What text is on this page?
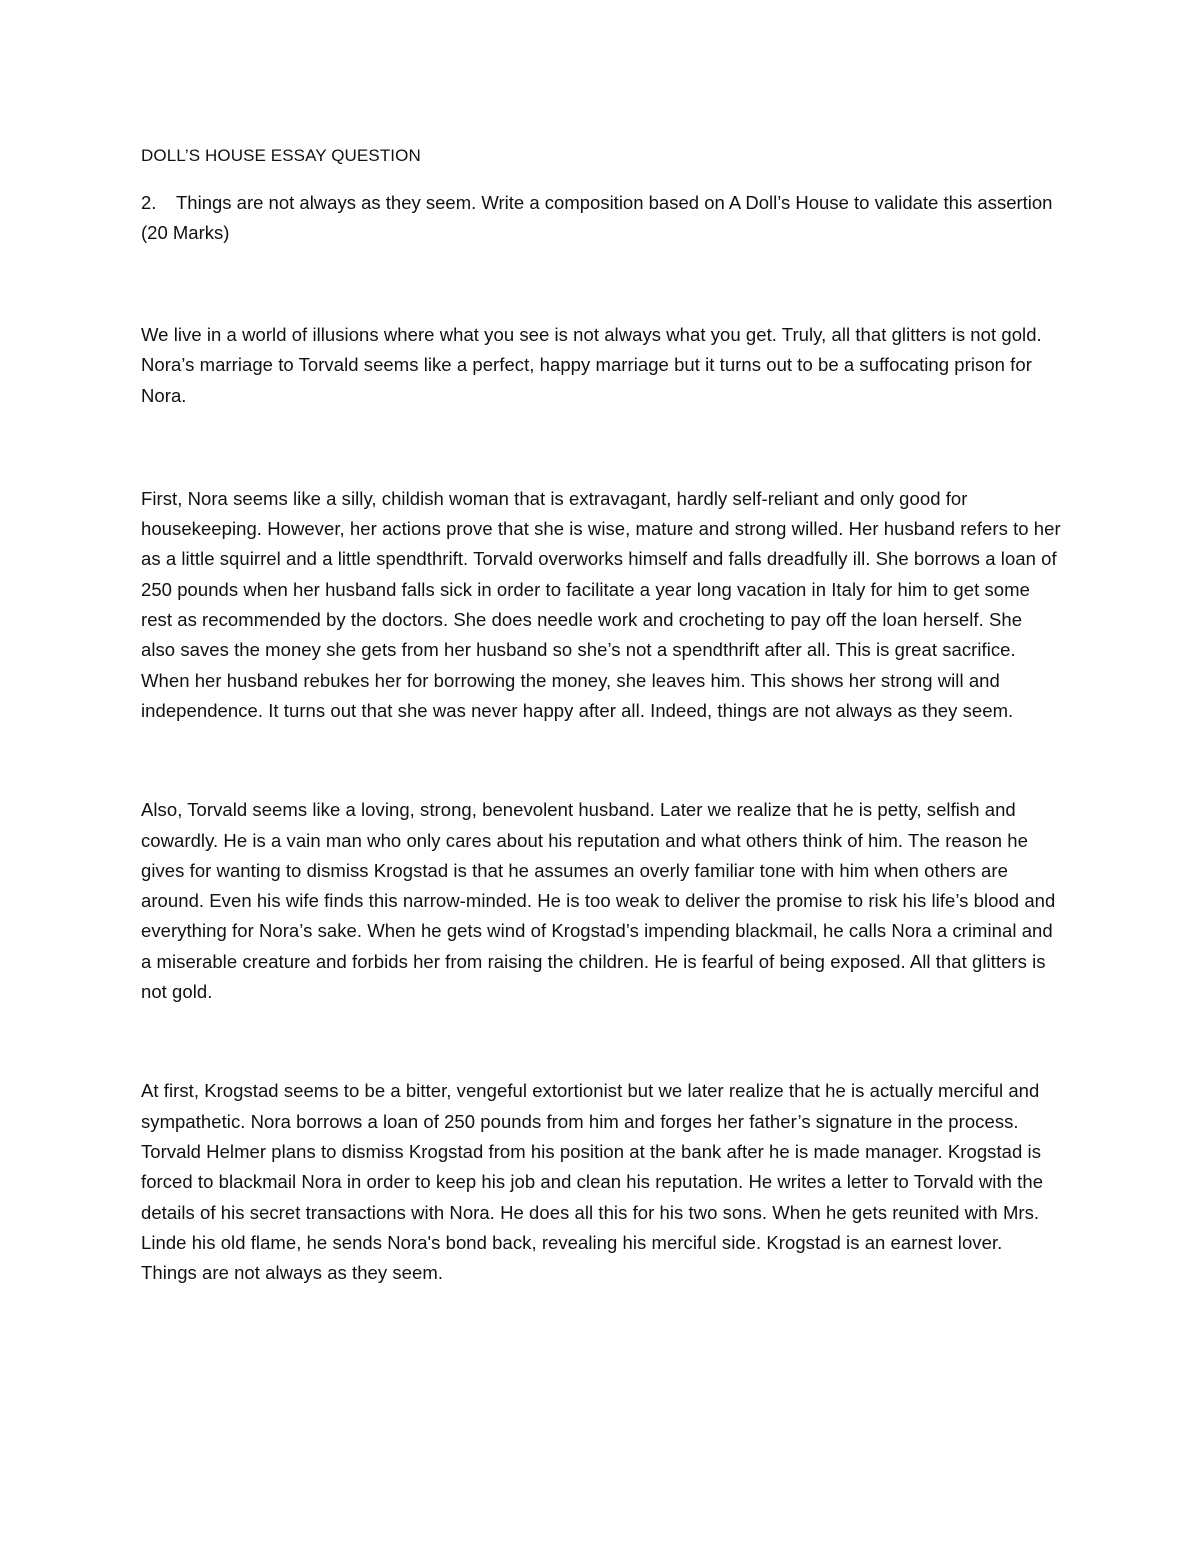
DOLL’S HOUSE ESSAY QUESTION
2. Things are not always as they seem. Write a composition based on A Doll’s House to validate this assertion (20 Marks)

We live in a world of illusions where what you see is not always what you get. Truly, all that glitters is not gold. Nora’s marriage to Torvald seems like a perfect, happy marriage but it turns out to be a suffocating prison for Nora.

First, Nora seems like a silly, childish woman that is extravagant, hardly self-reliant and only good for housekeeping. However, her actions prove that she is wise, mature and strong willed. Her husband refers to her as a little squirrel and a little spendthrift. Torvald overworks himself and falls dreadfully ill. She borrows a loan of 250 pounds when her husband falls sick in order to facilitate a year long vacation in Italy for him to get some rest as recommended by the doctors. She does needle work and crocheting to pay off the loan herself. She also saves the money she gets from her husband so she’s not a spendthrift after all. This is great sacrifice. When her husband rebukes her for borrowing the money, she leaves him. This shows her strong will and independence. It turns out that she was never happy after all. Indeed, things are not always as they seem.

Also, Torvald seems like a loving, strong, benevolent husband. Later we realize that he is petty, selfish and cowardly. He is a vain man who only cares about his reputation and what others think of him. The reason he gives for wanting to dismiss Krogstad is that he assumes an overly familiar tone with him when others are around. Even his wife finds this narrow-minded. He is too weak to deliver the promise to risk his life’s blood and everything for Nora’s sake. When he gets wind of Krogstad’s impending blackmail, he calls Nora a criminal and a miserable creature and forbids her from raising the children. He is fearful of being exposed. All that glitters is not gold.

At first, Krogstad seems to be a bitter, vengeful extortionist but we later realize that he is actually merciful and sympathetic. Nora borrows a loan of 250 pounds from him and forges her father’s signature in the process. Torvald Helmer plans to dismiss Krogstad from his position at the bank after he is made manager. Krogstad is forced to blackmail Nora in order to keep his job and clean his reputation. He writes a letter to Torvald with the details of his secret transactions with Nora. He does all this for his two sons. When he gets reunited with Mrs. Linde his old flame, he sends Nora's bond back, revealing his merciful side. Krogstad is an earnest lover. Things are not always as they seem.
